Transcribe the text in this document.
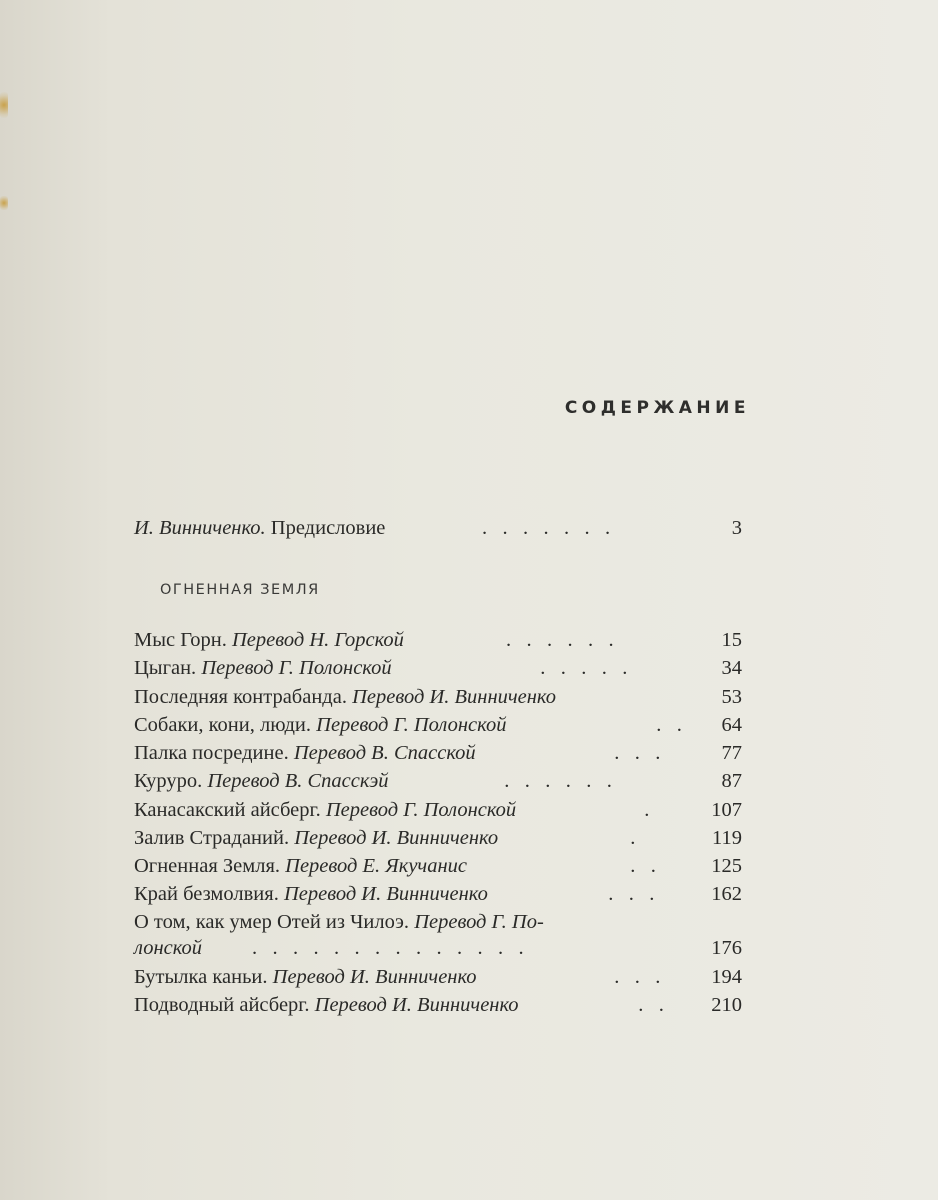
СОДЕРЖАНИЕ
И. Винниченко. Предисловие	.   .   .   .   .   .   .	3
ОГНЕННАЯ ЗЕМЛЯ
Мыс Горн. Перевод Н. Горской	.   .   .   .   .   .	15
Цыган. Перевод Г. Полонской	.   .   .   .   .	34
Последняя контрабанда. Перевод И. Винниченко	53
Собаки, кони, люди. Перевод Г. Полонской	.   . 64
Палка посредине. Перевод В. Спасской	.   .   .	77
Куруро. Перевод В. Спасскэй	.   .   .   .   .   .	87
Канасакский айсберг. Перевод Г. Полонской	.	107
Залив Страданий. Перевод И. Винниченко	.	119
Огненная Земля. Перевод Е. Якучанис	.   .	125
Край безмолвия. Перевод И. Винниченко	.   .   .	162
О том, как умер Отей из Чилоэ. Перевод Г. По-
лонской .   .   .   .   .   .   .   .   .   .   .   .   .   .	176
Бутылка каньи. Перевод И. Винниченко	.   .   . 194
Подводный айсберг. Перевод И. Винниченко	.   . 210
